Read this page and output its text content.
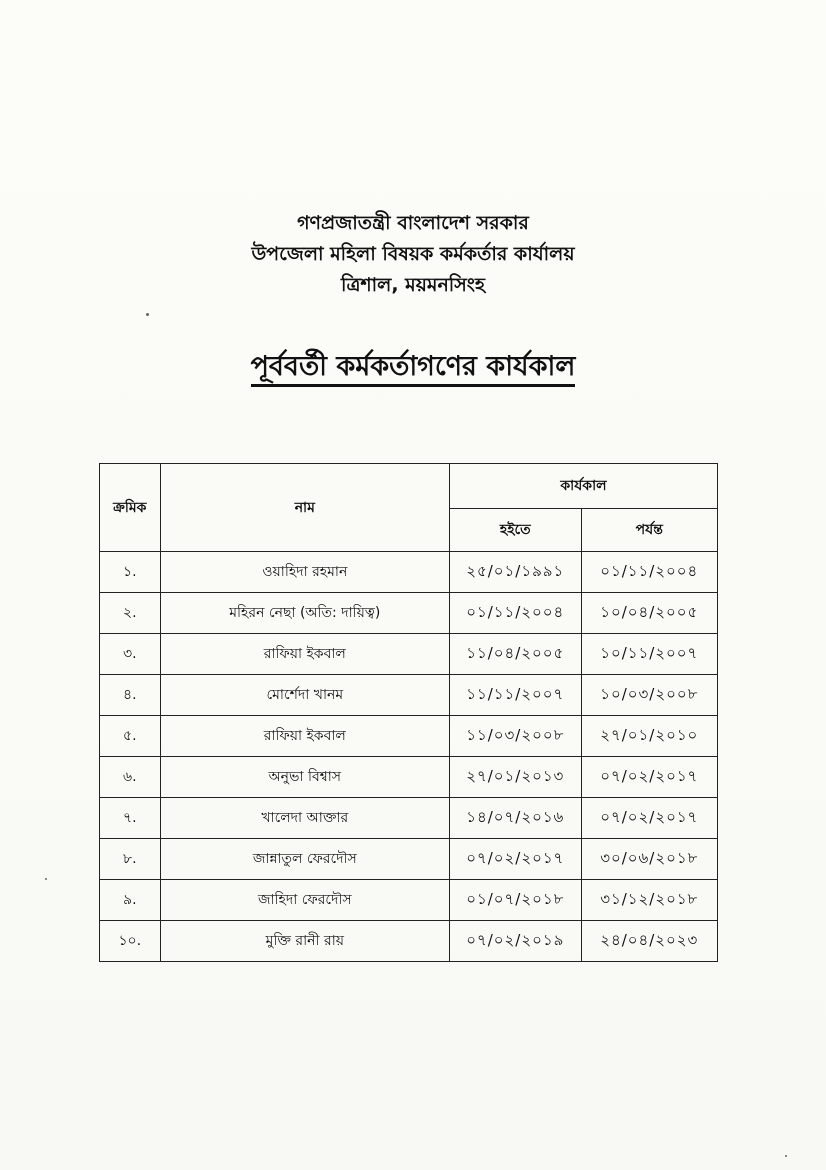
গণপ্রজাতন্ত্রী বাংলাদেশ সরকার
উপজেলা মহিলা বিষয়ক কর্মকর্তার কার্যালয়
ত্রিশাল, ময়মনসিংহ
পূর্ববর্তী কর্মকর্তাগণের কার্যকাল
ক্রমিক	নাম	কার্যকাল	
		হইতে	পর্যন্ত
১.	ওয়াহিদা রহমান	২৫/০১/১৯৯১	০১/১১/২০০৪
২.	মহিরন নেছা (অতি: দায়িত্ব)	০১/১১/২০০৪	১০/০৪/২০০৫
৩.	রাফিয়া ইকবাল	১১/০৪/২০০৫	১০/১১/২০০৭
৪.	মোর্শেদা খানম	১১/১১/২০০৭	১০/০৩/২০০৮
৫.	রাফিয়া ইকবাল	১১/০৩/২০০৮	২৭/০১/২০১০
৬.	অনুভা বিশ্বাস	২৭/০১/২০১৩	০৭/০২/২০১৭
৭.	খালেদা আক্তার	১৪/০৭/২০১৬	০৭/০২/২০১৭
৮.	জান্নাতুল ফেরদৌস	০৭/০২/২০১৭	৩০/০৬/২০১৮
৯.	জাহিদা ফেরদৌস	০১/০৭/২০১৮	৩১/১২/২০১৮
১০.	মুক্তি রানী রায়	০৭/০২/২০১৯	২৪/০৪/২০২৩
